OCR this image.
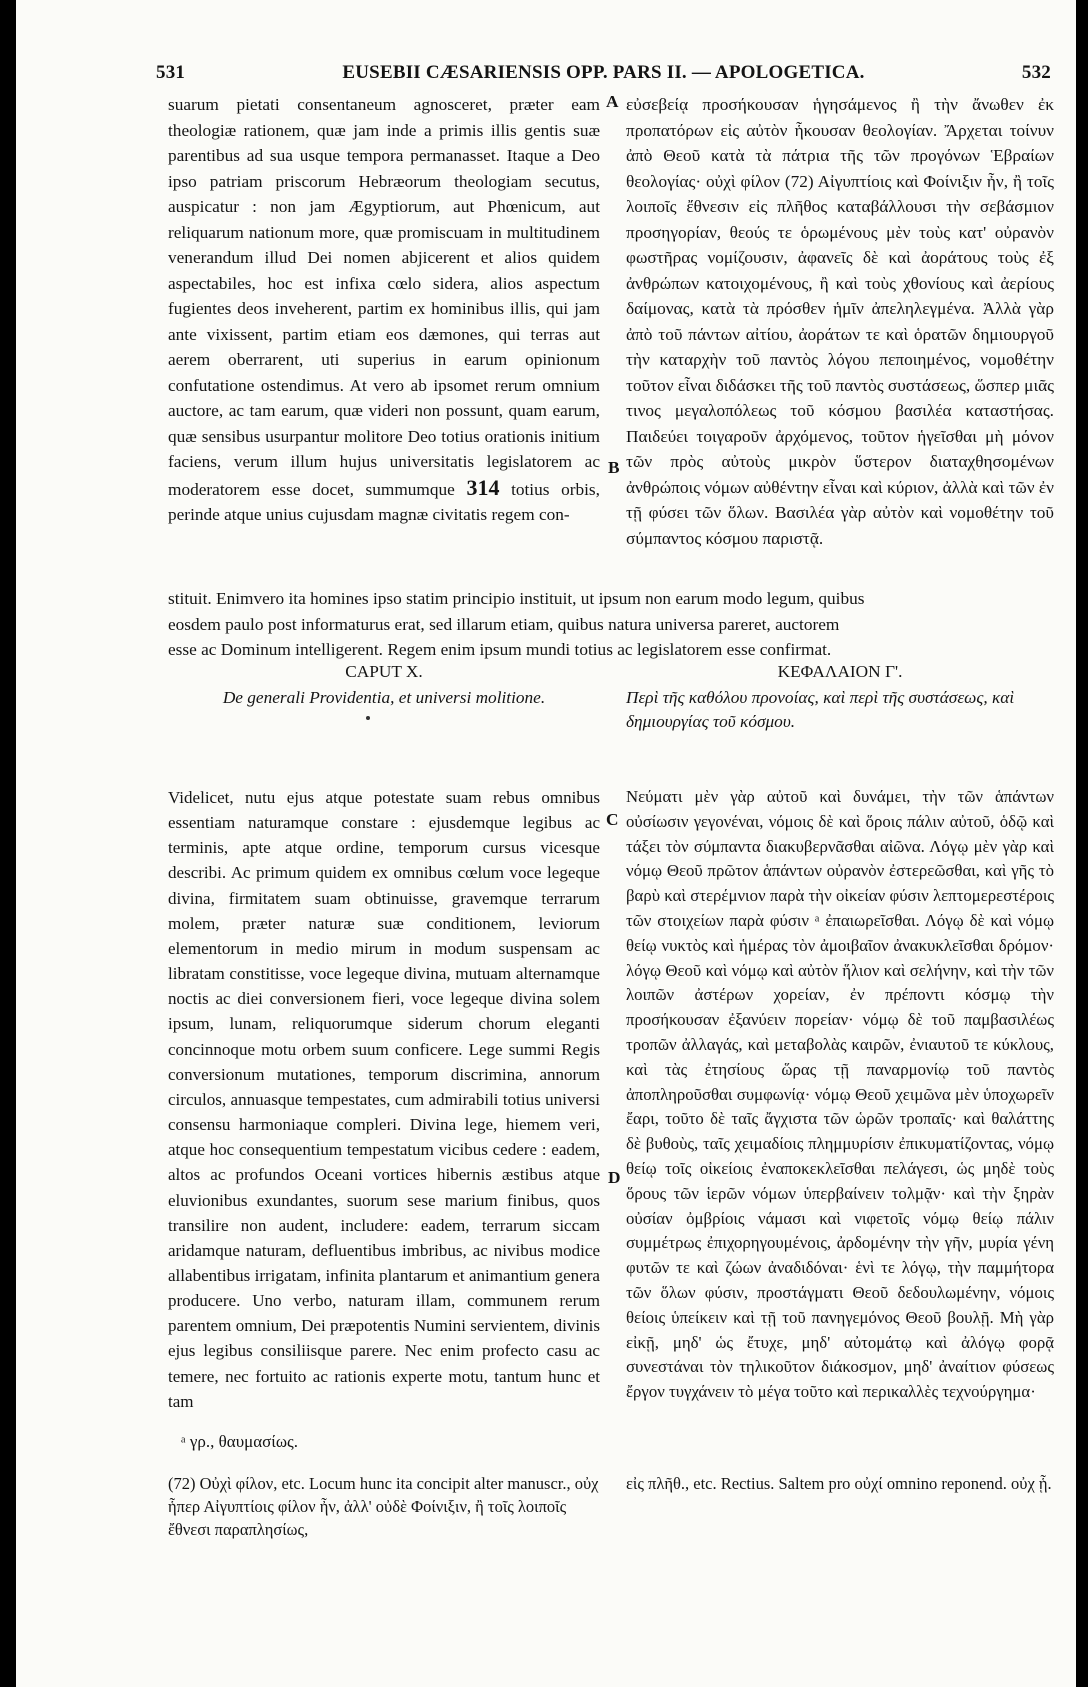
531	EUSEBII CÆSARIENSIS OPP. PARS II. — APOLOGETICA.	532

suarum pietati consentaneum agnosceret, præter eam theologiæ rationem, quæ jam inde a primis illis gentis suæ parentibus ad sua usque tempora permanasset. Itaque a Deo ipso patriam priscorum Hebræorum theologiam secutus, auspicatur : non jam Ægyptiorum, aut Phœnicum, aut reliquarum nationum more, quæ promiscuam in multitudinem venerandum illud Dei nomen abjicerent et alios quidem aspectabiles, hoc est infixa cœlo sidera, alios aspectum fugientes deos inveherent, partim ex hominibus illis, qui jam ante vixissent, partim etiam eos dæmones, qui terras aut aerem oberrarent, uti superius in earum opinionum confutatione ostendimus. At vero ab ipsomet rerum omnium auctore, ac tam earum, quæ videri non possunt, quam earum, quæ sensibus usurpantur molitore Deo totius orationis initium faciens, verum illum hujus universitatis legislatorem ac moderatorem esse docet, summumque 314 totius orbis, perinde atque unius cujusdam magnæ civitatis regem con-

A
B

εὐσεβείᾳ προσήκουσαν ἡγησάμενος ἢ τὴν ἄνωθεν ἐκ προπατόρων εἰς αὐτὸν ἧκουσαν θεολογίαν. Ἄρχεται τοίνυν ἀπὸ Θεοῦ κατὰ τὰ πάτρια τῆς τῶν προγόνων Ἑβραίων θεολογίας· οὐχὶ φίλον (72) Αἰγυπτίοις καὶ Φοίνιξιν ἦν, ἢ τοῖς λοιποῖς ἔθνεσιν εἰς πλῆθος καταβάλλουσι τὴν σεβάσμιον προσηγορίαν, θεούς τε ὁρωμένους μὲν τοὺς κατ' οὐρανὸν φωστῆρας νομίζουσιν, ἀφανεῖς δὲ καὶ ἀοράτους τοὺς ἐξ ἀνθρώπων κατοιχομένους, ἢ καὶ τοὺς χθονίους καὶ ἀερίους δαίμονας, κατὰ τὰ πρόσθεν ἡμῖν ἀπεληλεγμένα. Ἀλλὰ γὰρ ἀπὸ τοῦ πάντων αἰτίου, ἀοράτων τε καὶ ὁρατῶν δημιουργοῦ τὴν καταρχὴν τοῦ παντὸς λόγου πεποιημένος, νομοθέτην τοῦτον εἶναι διδάσκει τῆς τοῦ παντὸς συστάσεως, ὥσπερ μιᾶς τινος μεγαλοπόλεως τοῦ κόσμου βασιλέα καταστήσας. Παιδεύει τοιγαροῦν ἀρχόμενος, τοῦτον ἡγεῖσθαι μὴ μόνον τῶν πρὸς αὐτοὺς μικρὸν ὕστερον διαταχθησομένων ἀνθρώποις νόμων αὐθέντην εἶναι καὶ κύριον, ἀλλὰ καὶ τῶν ἐν τῇ φύσει τῶν ὅλων. Βασιλέα γὰρ αὐτὸν καὶ νομοθέτην τοῦ σύμπαντος κόσμου παριστᾷ.

stituit. Enimvero ita homines ipso statim principio instituit, ut ipsum non earum modo legum, quibus
eosdem paulo post informaturus erat, sed illarum etiam, quibus natura universa pareret, auctorem
esse ac Dominum intelligerent. Regem enim ipsum mundi totius ac legislatorem esse confirmat.
CAPUT X.	ΚΕΦΑΛΑΙΟΝ Γ'.
De generali Providentia, et universi molitione.	Περὶ τῆς καθόλου προνοίας, καὶ περὶ τῆς συστάσεως, καὶ δημιουργίας τοῦ κόσμου.

Videlicet, nutu ejus atque potestate suam rebus omnibus essentiam naturamque constare : ejusdemque legibus ac terminis, apte atque ordine, temporum cursus vicesque describi. Ac primum quidem ex omnibus cœlum voce legeque divina, firmitatem suam obtinuisse, gravemque terrarum molem, præter naturæ suæ conditionem, leviorum elementorum in medio mirum in modum suspensam ac libratam constitisse, voce legeque divina, mutuam alternamque noctis ac diei conversionem fieri, voce legeque divina solem ipsum, lunam, reliquorumque siderum chorum eleganti concinnoque motu orbem suum conficere. Lege summi Regis conversionum mutationes, temporum discrimina, annorum circulos, annuasque tempestates, cum admirabili totius universi consensu harmoniaque compleri. Divina lege, hiemem veri, atque hoc consequentium tempestatum vicibus cedere : eadem, altos ac profundos Oceani vortices hibernis æstibus atque eluvionibus exundantes, suorum sese marium finibus, quos transilire non audent, includere: eadem, terrarum siccam aridamque naturam, defluentibus imbribus, ac nivibus modice allabentibus irrigatam, infinita plantarum et animantium genera producere. Uno verbo, naturam illam, communem rerum parentem omnium, Dei præpotentis Numini servientem, divinis ejus legibus consiliisque parere. Nec enim profecto casu ac temere, nec fortuito ac rationis experte motu, tantum hunc et tam

C
D

Νεύματι μὲν γὰρ αὐτοῦ καὶ δυνάμει, τὴν τῶν ἁπάντων οὐσίωσιν γεγονέναι, νόμοις δὲ καὶ ὅροις πάλιν αὐτοῦ, ὁδῷ καὶ τάξει τὸν σύμπαντα διακυβερνᾶσθαι αἰῶνα. Λόγῳ μὲν γὰρ καὶ νόμῳ Θεοῦ πρῶτον ἁπάντων οὐρανὸν ἐστερεῶσθαι, καὶ γῆς τὸ βαρὺ καὶ στερέμνιον παρὰ τὴν οἰκείαν φύσιν λεπτομερεστέροις τῶν στοιχείων παρὰ φύσιν ᵃ ἐπαιωρεῖσθαι. Λόγῳ δὲ καὶ νόμῳ θείῳ νυκτὸς καὶ ἡμέρας τὸν ἀμοιβαῖον ἀνακυκλεῖσθαι δρόμον· λόγῳ Θεοῦ καὶ νόμῳ καὶ αὐτὸν ἥλιον καὶ σελήνην, καὶ τὴν τῶν λοιπῶν ἀστέρων χορείαν, ἐν πρέποντι κόσμῳ τὴν προσήκουσαν ἐξανύειν πορείαν· νόμῳ δὲ τοῦ παμβασιλέως τροπῶν ἀλλαγάς, καὶ μεταβολὰς καιρῶν, ἐνιαυτοῦ τε κύκλους, καὶ τὰς ἐτησίους ὥρας τῇ παναρμονίῳ τοῦ παντὸς ἀποπληροῦσθαι συμφωνίᾳ· νόμῳ Θεοῦ χειμῶνα μὲν ὑποχωρεῖν ἔαρι, τοῦτο δὲ ταῖς ἄγχιστα τῶν ὡρῶν τροπαῖς· καὶ θαλάττης δὲ βυθοὺς, ταῖς χειμαδίοις πλημμυρίσιν ἐπικυματίζοντας, νόμῳ θείῳ τοῖς οἰκείοις ἐναποκεκλεῖσθαι πελάγεσι, ὡς μηδὲ τοὺς ὅρους τῶν ἱερῶν νόμων ὑπερβαίνειν τολμᾷν· καὶ τὴν ξηρὰν οὐσίαν ὀμβρίοις νάμασι καὶ νιφετοῖς νόμῳ θείῳ πάλιν συμμέτρως ἐπιχορηγουμένοις, ἀρδομένην τὴν γῆν, μυρία γένη φυτῶν τε καὶ ζώων ἀναδιδόναι· ἑνὶ τε λόγῳ, τὴν παμμήτορα τῶν ὅλων φύσιν, προστάγματι Θεοῦ δεδουλωμένην, νόμοις θείοις ὑπείκειν καὶ τῇ τοῦ πανηγεμόνος Θεοῦ βουλῇ. Μὴ γὰρ εἰκῇ, μηδ' ὡς ἔτυχε, μηδ' αὐτομάτῳ καὶ ἀλόγῳ φορᾷ συνεστάναι τὸν τηλικοῦτον διάκοσμον, μηδ' ἀναίτιον φύσεως ἔργον τυγχάνειν τὸ μέγα τοῦτο καὶ περικαλλὲς τεχνούργημα·

ᵃ γρ., θαυμασίως.
(72) Οὐχὶ φίλον, etc. Locum hunc ita concipit alter manuscr., οὐχ ἧπερ Αἰγυπτίοις φίλον ἦν, ἀλλ' οὐδὲ Φοίνιξιν, ἢ τοῖς λοιποῖς ἔθνεσι παραπλησίως,
εἰς πλῆθ., etc. Rectius. Saltem pro οὐχί omnino reponend. οὐχ ᾗ.
